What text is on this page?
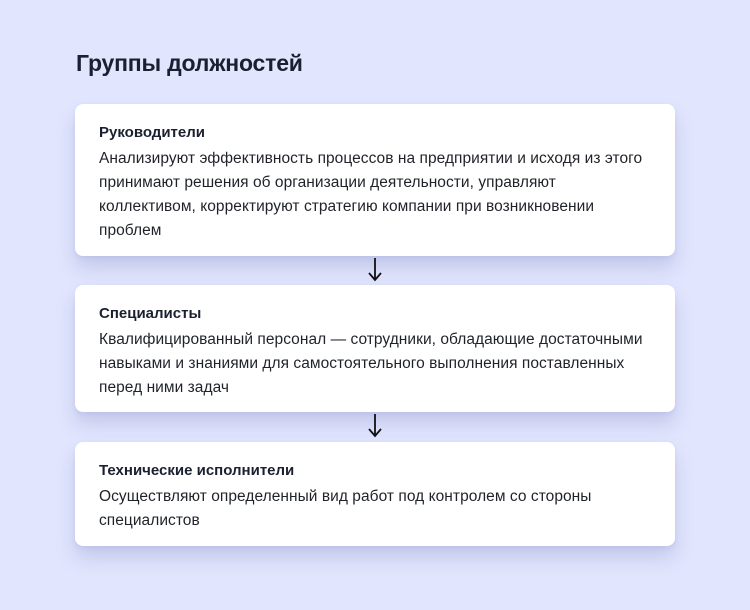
Группы должностей
Руководители

Анализируют эффективность процессов на предприятии и исходя из этого принимают решения об организации деятельности, управляют коллективом, корректируют стратегию компании при возникновении проблем

Специалисты

Квалифицированный персонал — сотрудники, обладающие достаточными навыками и знаниями для самостоятельного выполнения поставленных перед ними задач

Технические исполнители

Осуществляют определенный вид работ под контролем со стороны специалистов
